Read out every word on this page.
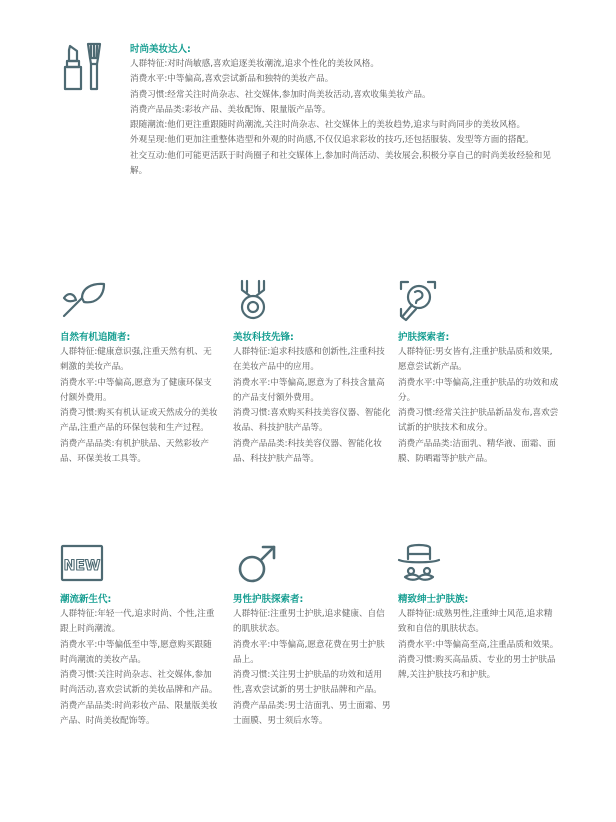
时尚美妆达人:

人群特征:对时尚敏感,喜欢追逐美妆潮流,追求个性化的美妆风格。

消费水平:中等偏高,喜欢尝试新品和独特的美妆产品。

消费习惯:经常关注时尚杂志、社交媒体,参加时尚美妆活动,喜欢收集美妆产品。

消费产品品类:彩妆产品、美妆配饰、限量版产品等。

跟随潮流:他们更注重跟随时尚潮流,关注时尚杂志、社交媒体上的美妆趋势,追求与时尚同步的美妆风格。

外观呈现:他们更加注重整体造型和外观的时尚感,不仅仅追求彩妆的技巧,还包括服装、发型等方面的搭配。

社交互动:他们可能更活跃于时尚圈子和社交媒体上,参加时尚活动、美妆展会,积极分享自己的时尚美妆经验和见解。

自然有机追随者:

人群特征:健康意识强,注重天然有机、无刺激的美妆产品。

消费水平:中等偏高,愿意为了健康环保支付额外费用。

消费习惯:购买有机认证或天然成分的美妆产品,注重产品的环保包装和生产过程。

消费产品品类:有机护肤品、天然彩妆产品、环保美妆工具等。

美妆科技先锋:

人群特征:追求科技感和创新性,注重科技在美妆产品中的应用。

消费水平:中等偏高,愿意为了科技含量高的产品支付额外费用。

消费习惯:喜欢购买科技美容仪器、智能化妆品、科技护肤产品等。

消费产品品类:科技美容仪器、智能化妆品、科技护肤产品等。

护肤探索者:

人群特征:男女皆有,注重护肤品质和效果,愿意尝试新产品。

消费水平:中等偏高,注重护肤品的功效和成分。

消费习惯:经常关注护肤品新品发布,喜欢尝试新的护肤技术和成分。

消费产品品类:洁面乳、精华液、面霜、面膜、防晒霜等护肤产品。

NEW
潮流新生代:

人群特征:年轻一代,追求时尚、个性,注重跟上时尚潮流。

消费水平:中等偏低至中等,愿意购买跟随时尚潮流的美妆产品。

消费习惯:关注时尚杂志、社交媒体,参加时尚活动,喜欢尝试新的美妆品牌和产品。

消费产品品类:时尚彩妆产品、限量版美妆产品、时尚美妆配饰等。

男性护肤探索者:

人群特征:注重男士护肤,追求健康、自信的肌肤状态。

消费水平:中等偏高,愿意花费在男士护肤品上。

消费习惯:关注男士护肤品的功效和适用性,喜欢尝试新的男士护肤品牌和产品。

消费产品品类:男士洁面乳、男士面霜、男士面膜、男士须后水等。

精致绅士护肤族:

人群特征:成熟男性,注重绅士风范,追求精致和自信的肌肤状态。

消费水平:中等偏高至高,注重品质和效果。

消费习惯:购买高品质、专业的男士护肤品牌,关注护肤技巧和护肤。
